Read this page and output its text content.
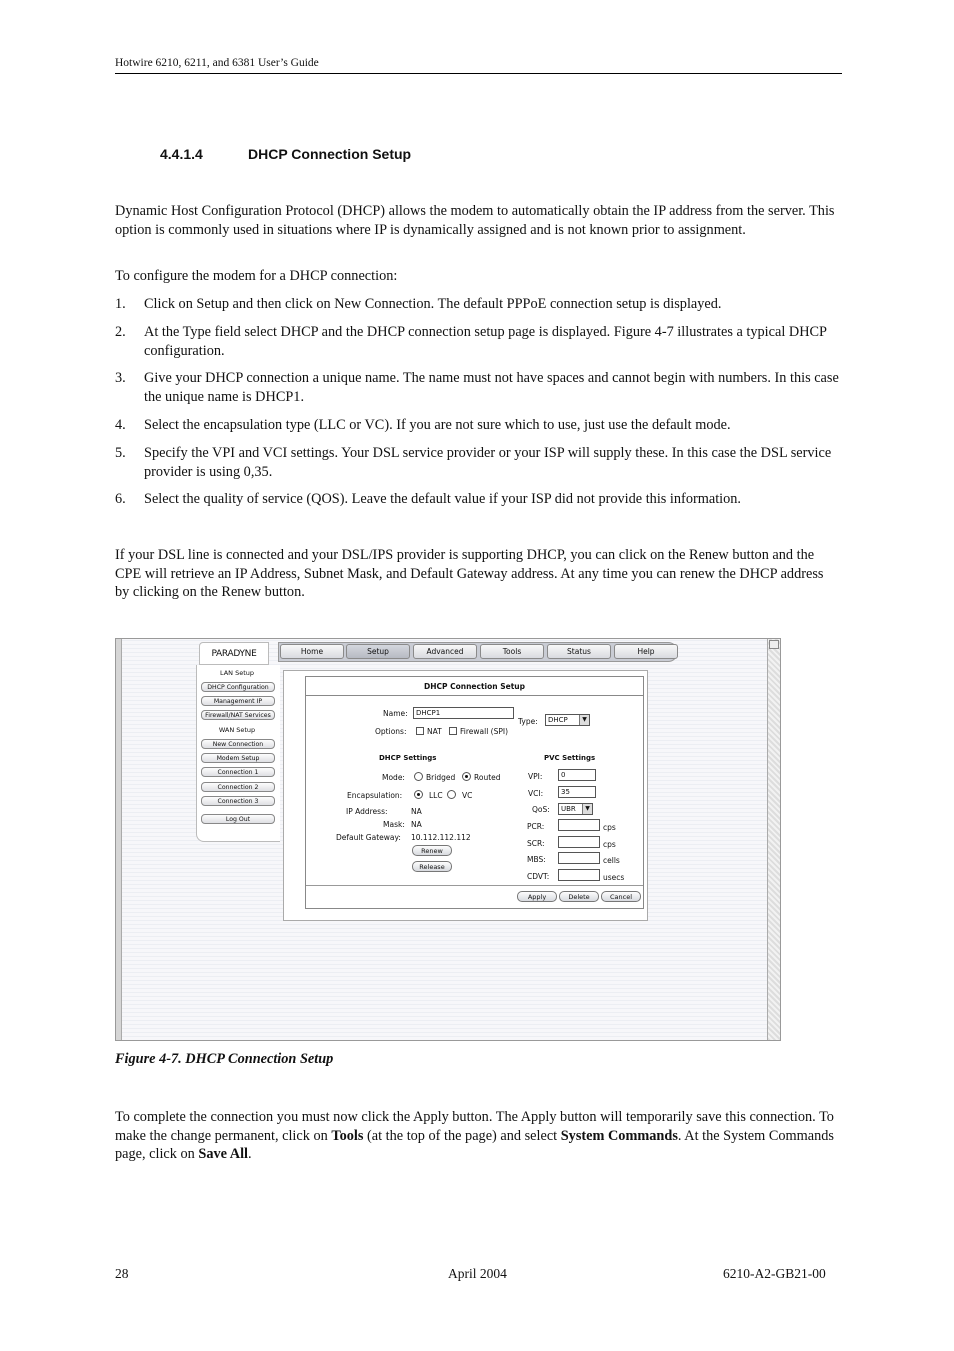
Hotwire 6210, 6211, and 6381 User’s Guide
4.4.1.4	DHCP Connection Setup
Dynamic Host Configuration Protocol (DHCP) allows the modem to automatically obtain the IP address from the server. This option is commonly used in situations where IP is dynamically assigned and is not known prior to assignment.
To configure the modem for a DHCP connection:
1. Click on Setup and then click on New Connection. The default PPPoE connection setup is displayed.
2. At the Type field select DHCP and the DHCP connection setup page is displayed. Figure 4-7 illustrates a typical DHCP configuration.
3. Give your DHCP connection a unique name. The name must not have spaces and cannot begin with numbers. In this case the unique name is DHCP1.
4. Select the encapsulation type (LLC or VC). If you are not sure which to use, just use the default mode.
5. Specify the VPI and VCI settings. Your DSL service provider or your ISP will supply these. In this case the DSL service provider is using 0,35.
6. Select the quality of service (QOS). Leave the default value if your ISP did not provide this information.
If your DSL line is connected and your DSL/IPS provider is supporting DHCP, you can click on the Renew button and the CPE will retrieve an IP Address, Subnet Mask, and Default Gateway address. At any time you can renew the DHCP address by clicking on the Renew button.
PARADYNE	Home	Setup	Advanced	Tools	Status	Help
LAN Setup
DHCP Configuration
Management IP
Firewall/NAT Services
WAN Setup
New Connection
Modem Setup
Connection 1
Connection 2
Connection 3
Log Out
DHCP Connection Setup
Name:	DHCP1
Type:	DHCP	▼
Options:	NAT Firewall (SPI)
DHCP Settings	PVC Settings
Mode:	Bridged	Routed
Encapsulation:	LLC	VC
IP Address:	NA
Mask: NA
Default Gateway: 10.112.112.112
Renew
Release
VPI:	0
VCI:	35
QoS:	UBR	▼
PCR:	cps
SCR:	cps
MBS:	cells
CDVT:	usecs
Apply	Delete	Cancel
Figure 4-7. DHCP Connection Setup
To complete the connection you must now click the Apply button. The Apply button will temporarily save this connection. To make the change permanent, click on Tools (at the top of the page) and select System Commands. At the System Commands page, click on Save All.
28	April 2004	6210-A2-GB21-00
